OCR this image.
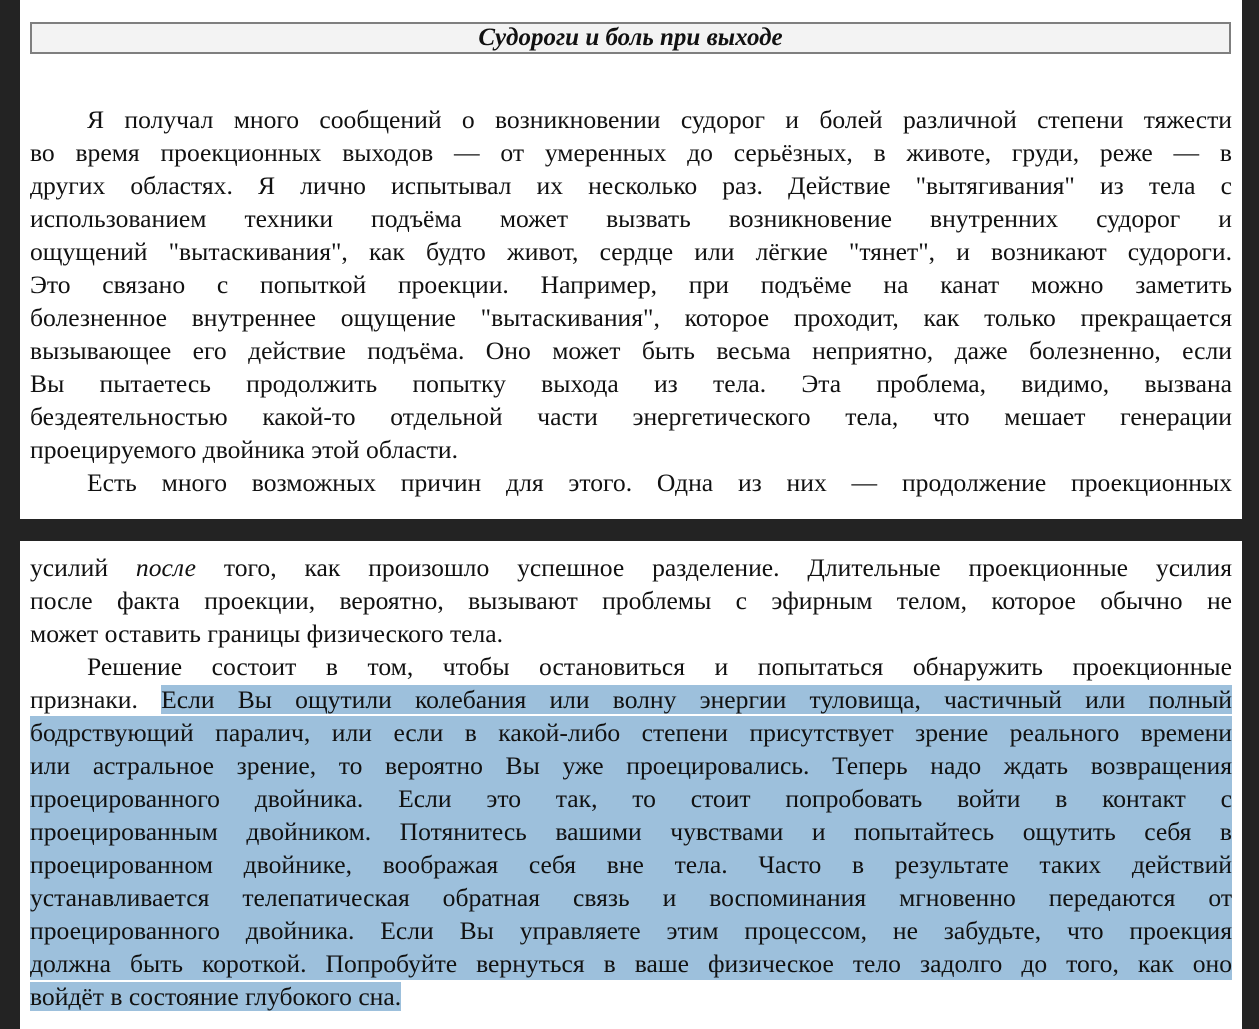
Судороги и боль при выходе
Я получал много сообщений о возникновении судорог и болей различной степени тяжести
во время проекционных выходов — от умеренных до серьёзных, в животе, груди, реже — в
других областях. Я лично испытывал их несколько раз. Действие "вытягивания" из тела с
использованием техники подъёма может вызвать возникновение внутренних судорог и
ощущений "вытаскивания", как будто живот, сердце или лёгкие "тянет", и возникают судороги.
Это связано с попыткой проекции. Например, при подъёме на канат можно заметить
болезненное внутреннее ощущение "вытаскивания", которое проходит, как только прекращается
вызывающее его действие подъёма. Оно может быть весьма неприятно, даже болезненно, если
Вы пытаетесь продолжить попытку выхода из тела. Эта проблема, видимо, вызвана
бездеятельностью какой-то отдельной части энергетического тела, что мешает генерации
проецируемого двойника этой области.
Есть много возможных причин для этого. Одна из них — продолжение проекционных
усилий после того, как произошло успешное разделение. Длительные проекционные усилия
после факта проекции, вероятно, вызывают проблемы с эфирным телом, которое обычно не
может оставить границы физического тела.
Решение состоит в том, чтобы остановиться и попытаться обнаружить проекционные
признаки. Если Вы ощутили колебания или волну энергии туловища, частичный или полный
бодрствующий паралич, или если в какой-либо степени присутствует зрение реального времени
или астральное зрение, то вероятно Вы уже проецировались. Теперь надо ждать возвращения
проецированного двойника. Если это так, то стоит попробовать войти в контакт с
проецированным двойником. Потянитесь вашими чувствами и попытайтесь ощутить себя в
проецированном двойнике, воображая себя вне тела. Часто в результате таких действий
устанавливается телепатическая обратная связь и воспоминания мгновенно передаются от
проецированного двойника. Если Вы управляете этим процессом, не забудьте, что проекция
должна быть короткой. Попробуйте вернуться в ваше физическое тело задолго до того, как оно
войдёт в состояние глубокого сна.
